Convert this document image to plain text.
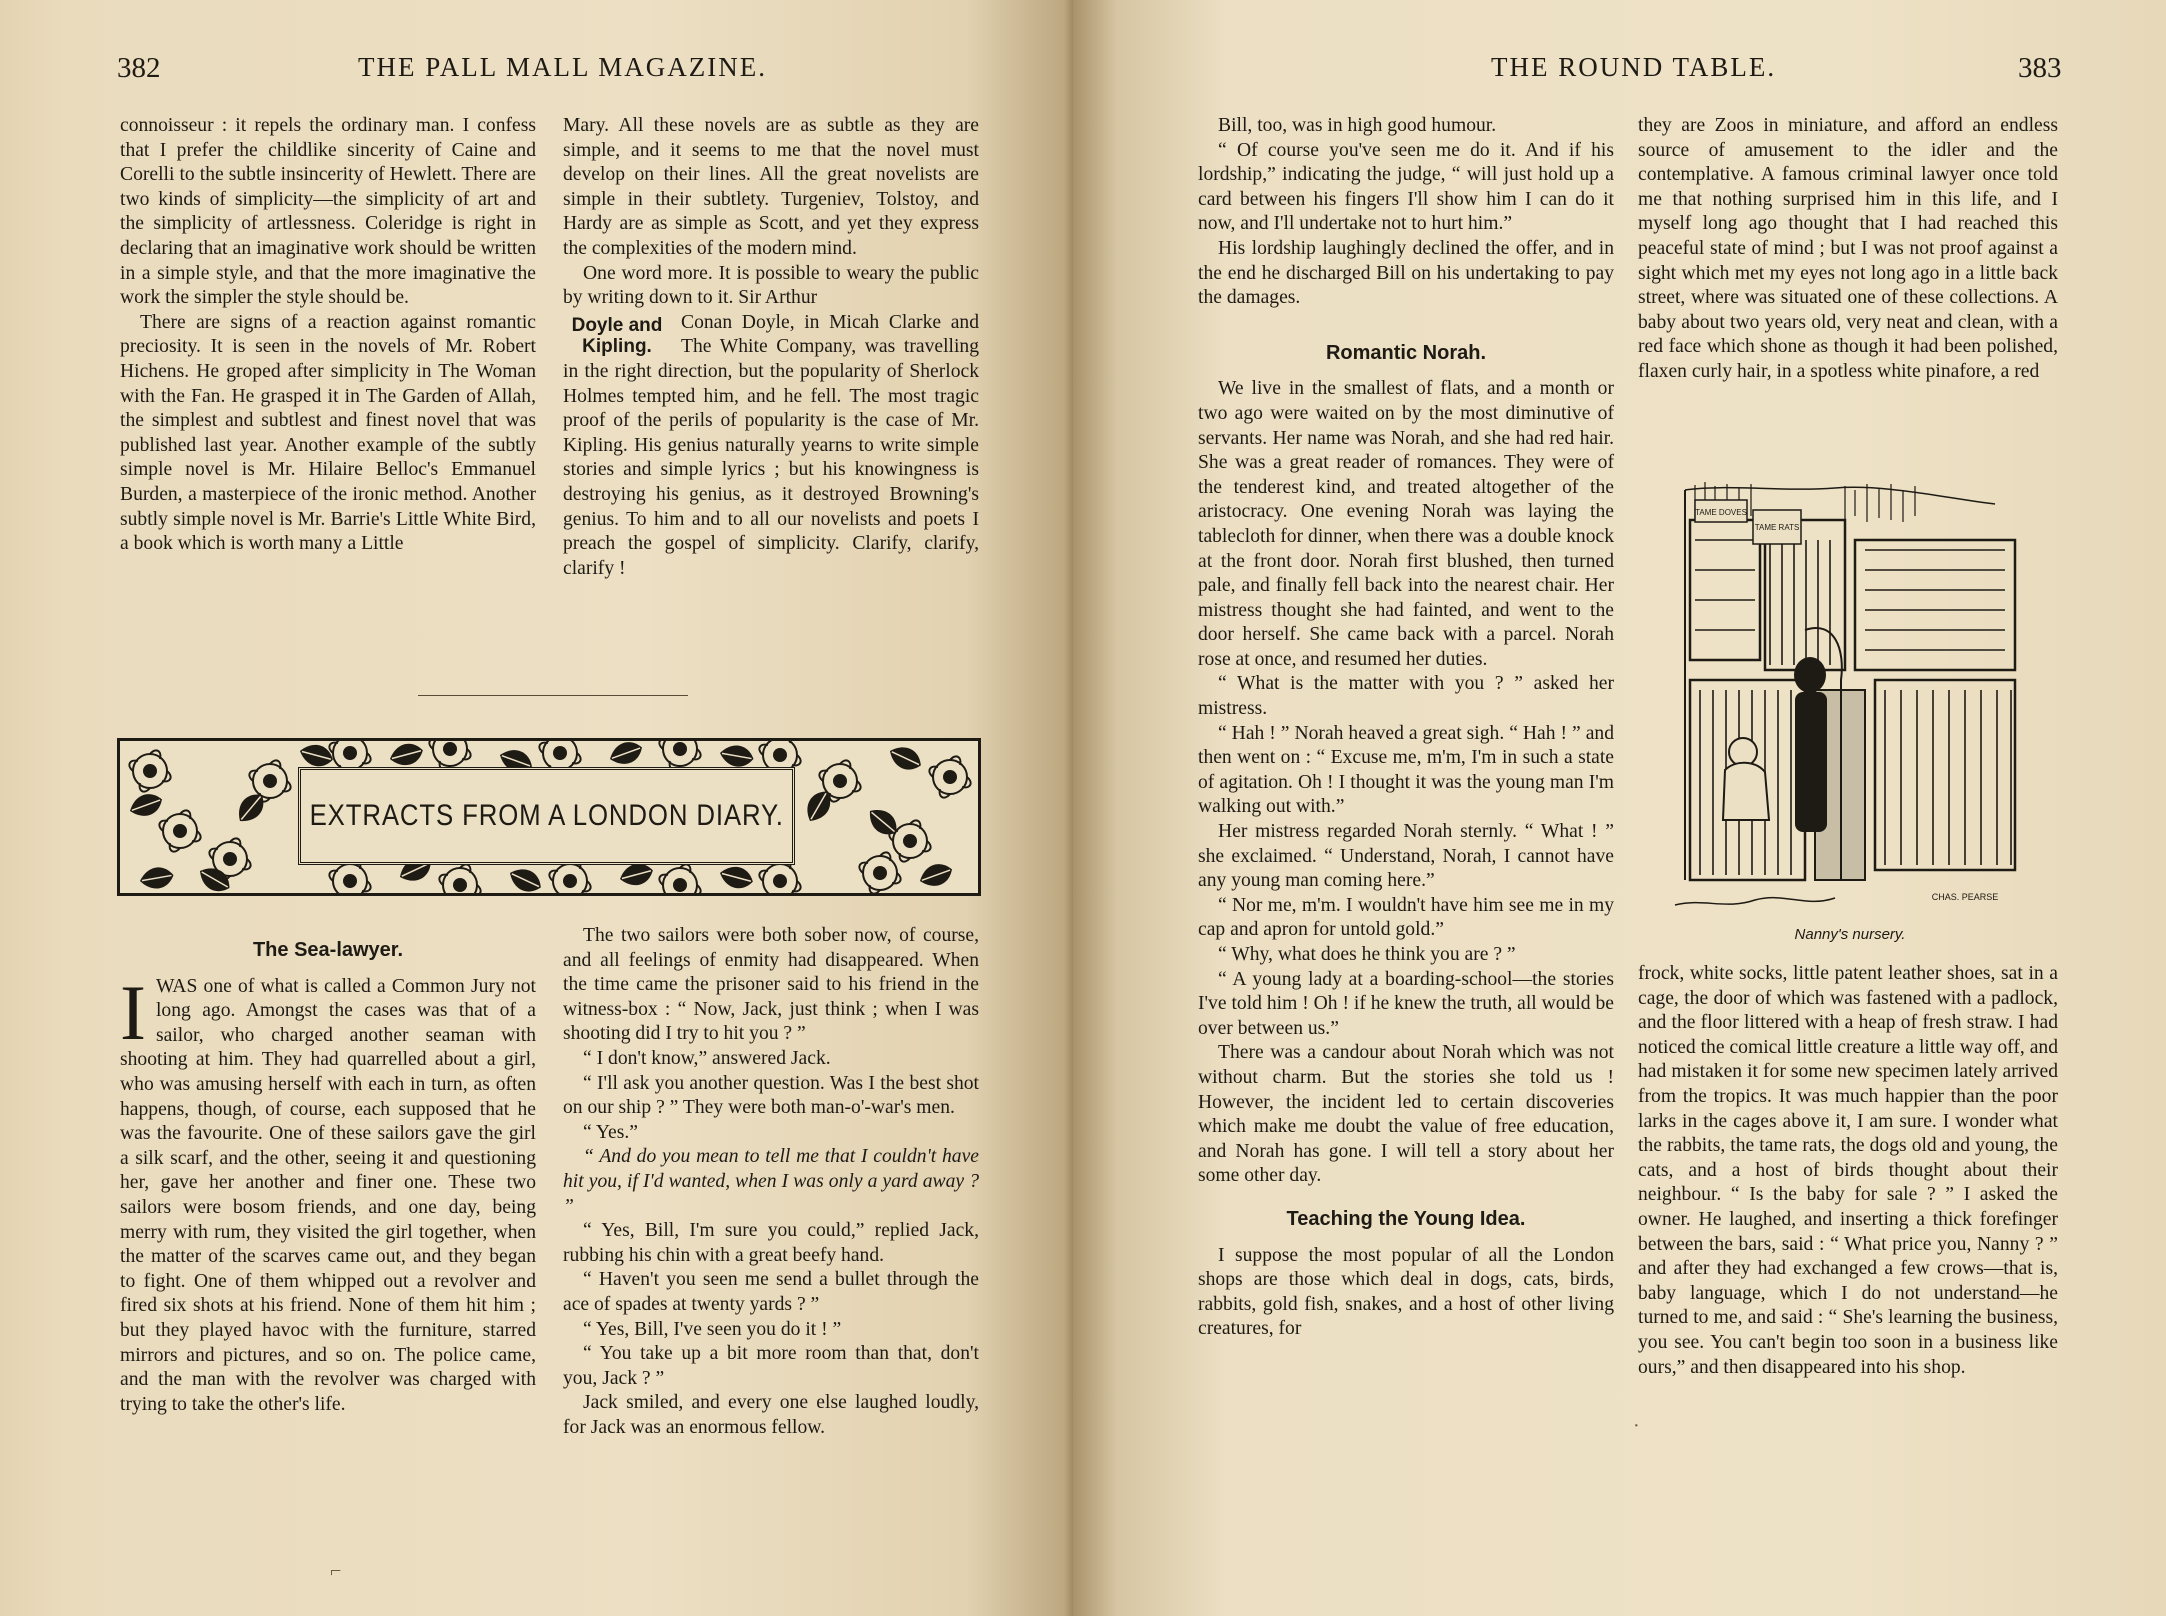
382	THE PALL MALL MAGAZINE.

connoisseur : it repels the ordinary man. I confess that I prefer the childlike sincerity of Caine and Corelli to the subtle insincerity of Hewlett. There are two kinds of simplicity—the simplicity of art and the simplicity of artlessness. Coleridge is right in declaring that an imaginative work should be written in a simple style, and that the more imaginative the work the simpler the style should be.

There are signs of a reaction against romantic preciosity. It is seen in the novels of Mr. Robert Hichens. He groped after simplicity in The Woman with the Fan. He grasped it in The Garden of Allah, the simplest and subtlest and finest novel that was published last year. Another example of the subtly simple novel is Mr. Hilaire Belloc's Emmanuel Burden, a masterpiece of the ironic method. Another subtly simple novel is Mr. Barrie's Little White Bird, a book which is worth many a Little

Mary. All these novels are as subtle as they are simple, and it seems to me that the novel must develop on their lines. All the great novelists are simple in their subtlety. Turgeniev, Tolstoy, and Hardy are as simple as Scott, and yet they express the complexities of the modern mind.

One word more. It is possible to weary the public by writing down to it. Sir Arthur

Doyle and Kipling.

Conan Doyle, in Micah Clarke and The White Company, was travelling in the right direction, but the popularity of Sherlock Holmes tempted him, and he fell. The most tragic proof of the perils of popularity is the case of Mr. Kipling. His genius naturally yearns to write simple stories and simple lyrics ; but his knowingness is destroying his genius, as it destroyed Browning's genius. To him and to all our novelists and poets I preach the gospel of simplicity. Clarify, clarify, clarify !

EXTRACTS FROM A LONDON DIARY.
The Sea-lawyer.
I WAS one of what is called a Common Jury not long ago. Amongst the cases was that of a sailor, who charged another seaman with shooting at him. They had quarrelled about a girl, who was amusing herself with each in turn, as often happens, though, of course, each supposed that he was the favourite. One of these sailors gave the girl a silk scarf, and the other, seeing it and questioning her, gave her another and finer one. These two sailors were bosom friends, and one day, being merry with rum, they visited the girl together, when the matter of the scarves came out, and they began to fight. One of them whipped out a revolver and fired six shots at his friend. None of them hit him ; but they played havoc with the furniture, starred mirrors and pictures, and so on. The police came, and the man with the revolver was charged with trying to take the other's life.

The two sailors were both sober now, of course, and all feelings of enmity had disappeared. When the time came the prisoner said to his friend in the witness-box : “ Now, Jack, just think ; when I was shooting did I try to hit you ? ”

“ I don't know,” answered Jack.

“ I'll ask you another question. Was I the best shot on our ship ? ” They were both man-o'-war's men.

“ Yes.”

“ And do you mean to tell me that I couldn't have hit you, if I'd wanted, when I was only a yard away ? ”

“ Yes, Bill, I'm sure you could,” replied Jack, rubbing his chin with a great beefy hand.

“ Haven't you seen me send a bullet through the ace of spades at twenty yards ? ”

“ Yes, Bill, I've seen you do it ! ”

“ You take up a bit more room than that, don't you, Jack ? ”

Jack smiled, and every one else laughed loudly, for Jack was an enormous fellow.

⌐
THE ROUND TABLE.	383

Bill, too, was in high good humour.

“ Of course you've seen me do it. And if his lordship,” indicating the judge, “ will just hold up a card between his fingers I'll show him I can do it now, and I'll undertake not to hurt him.”

His lordship laughingly declined the offer, and in the end he discharged Bill on his undertaking to pay the damages.

Romantic Norah.

We live in the smallest of flats, and a month or two ago were waited on by the most diminutive of servants. Her name was Norah, and she had red hair. She was a great reader of romances. They were of the tenderest kind, and treated altogether of the aristocracy. One evening Norah was laying the tablecloth for dinner, when there was a double knock at the front door. Norah first blushed, then turned pale, and finally fell back into the nearest chair. Her mistress thought she had fainted, and went to the door herself. She came back with a parcel. Norah rose at once, and resumed her duties.

“ What is the matter with you ? ” asked her mistress.

“ Hah ! ” Norah heaved a great sigh. “ Hah ! ” and then went on : “ Excuse me, m'm, I'm in such a state of agitation. Oh ! I thought it was the young man I'm walking out with.”

Her mistress regarded Norah sternly. “ What ! ” she exclaimed. “ Understand, Norah, I cannot have any young man coming here.”

“ Nor me, m'm. I wouldn't have him see me in my cap and apron for untold gold.”

“ Why, what does he think you are ? ”

“ A young lady at a boarding-school—the stories I've told him ! Oh ! if he knew the truth, all would be over between us.”

There was a candour about Norah which was not without charm. But the stories she told us ! However, the incident led to certain discoveries which make me doubt the value of free education, and Norah has gone. I will tell a story about her some other day.

Teaching the Young Idea.

I suppose the most popular of all the London shops are those which deal in dogs, cats, birds, rabbits, gold fish, snakes, and a host of other living creatures, for

they are Zoos in miniature, and afford an endless source of amusement to the idler and the contemplative. A famous criminal lawyer once told me that nothing surprised him in this life, and I myself long ago thought that I had reached this peaceful state of mind ; but I was not proof against a sight which met my eyes not long ago in a little back street, where was situated one of these collections. A baby about two years old, very neat and clean, with a red face which shone as though it had been polished, flaxen curly hair, in a spotless white pinafore, a red

frock, white socks, little patent leather shoes, sat in a cage, the door of which was fastened with a padlock, and the floor littered with a heap of fresh straw. I had noticed the comical little creature a little way off, and had mistaken it for some new specimen lately arrived from the tropics. It was much happier than the poor larks in the cages above it, I am sure. I wonder what the rabbits, the tame rats, the dogs old and young, the cats, and a host of birds thought about their neighbour. “ Is the baby for sale ? ” I asked the owner. He laughed, and inserting a thick forefinger between the bars, said : “ What price you, Nanny ? ” and after they had exchanged a few crows—that is, baby language, which I do not understand—he turned to me, and said : “ She's learning the business, you see. You can't begin too soon in a business like ours,” and then disappeared into his shop.

·
TAME DOVES
TAME RATS
CHAS. PEARSE
Nanny's nursery.
